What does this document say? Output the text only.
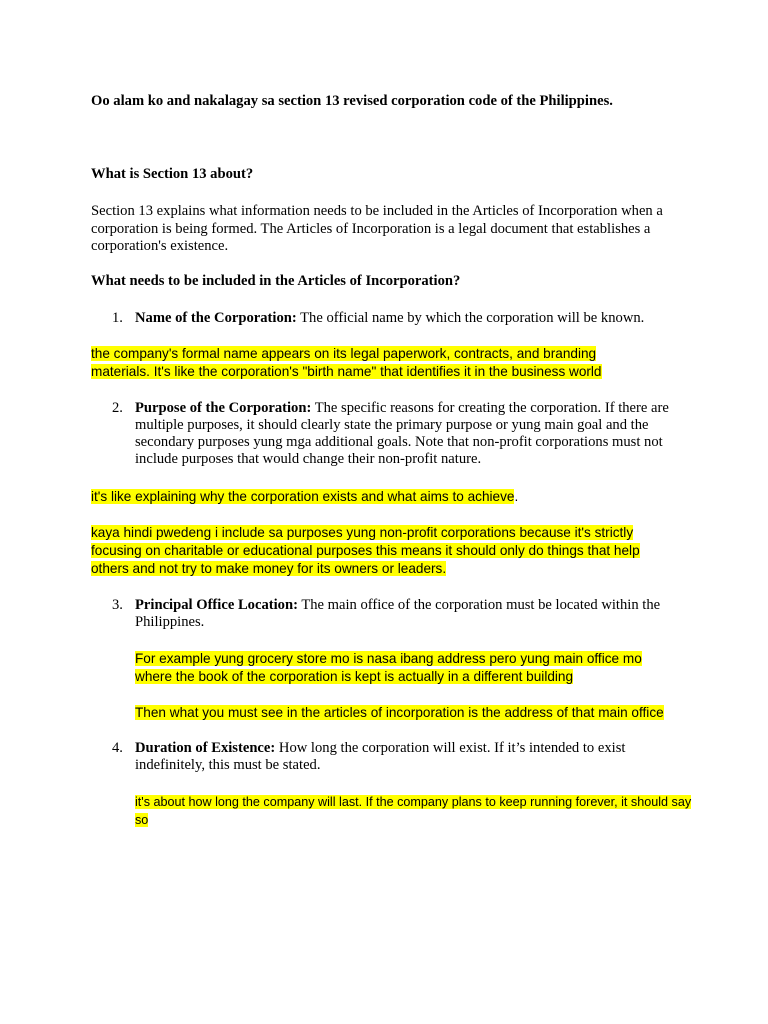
Oo alam ko and nakalagay sa section 13 revised corporation code of the Philippines.

What is Section 13 about?

Section 13 explains what information needs to be included in the Articles of Incorporation when a corporation is being formed. The Articles of Incorporation is a legal document that establishes a corporation's existence.

What needs to be included in the Articles of Incorporation?

1. Name of the Corporation: The official name by which the corporation will be known.

the company's formal name appears on its legal paperwork, contracts, and branding materials. It's like the corporation's "birth name" that identifies it in the business world

2. Purpose of the Corporation: The specific reasons for creating the corporation. If there are multiple purposes, it should clearly state the primary purpose or yung main goal and the secondary purposes yung mga additional goals. Note that non-profit corporations must not include purposes that would change their non-profit nature.

it's like explaining why the corporation exists and what aims to achieve.

kaya hindi pwedeng i include sa purposes yung non-profit corporations because it's strictly focusing on charitable or educational purposes this means it should only do things that help others and not try to make money for its owners or leaders.

3. Principal Office Location: The main office of the corporation must be located within the Philippines.

For example yung grocery store mo is nasa ibang address pero yung main office mo where the book of the corporation is kept is actually in a different building

Then what you must see in the articles of incorporation is the address of that main office

4. Duration of Existence: How long the corporation will exist. If it’s intended to exist indefinitely, this must be stated.

it's about how long the company will last. If the company plans to keep running forever, it should say so
